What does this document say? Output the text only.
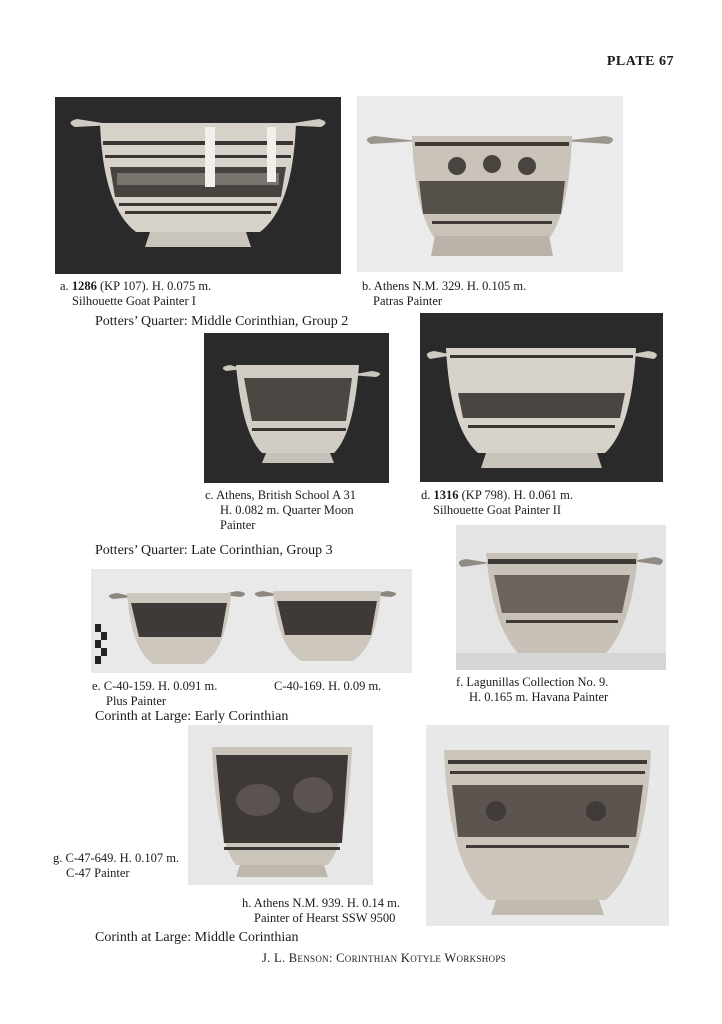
PLATE 67
a. 1286 (KP 107). H. 0.075 m.
Silhouette Goat Painter I
b. Athens N.M. 329. H. 0.105 m.
Patras Painter
Potters’ Quarter: Middle Corinthian, Group 2
c. Athens, British School A 31
H. 0.082 m. Quarter Moon
Painter
d. 1316 (KP 798). H. 0.061 m.
Silhouette Goat Painter II
Potters’ Quarter: Late Corinthian, Group 3
e. C-40-159. H. 0.091 m.
Plus Painter
C-40-169. H. 0.09 m.	f. Lagunillas Collection No. 9.
H. 0.165 m. Havana Painter
Corinth at Large: Early Corinthian
g. C-47-649. H. 0.107 m.
C-47 Painter
h. Athens N.M. 939. H. 0.14 m.
Painter of Hearst SSW 9500
Corinth at Large: Middle Corinthian
J. L. Benson: Corinthian Kotyle Workshops
